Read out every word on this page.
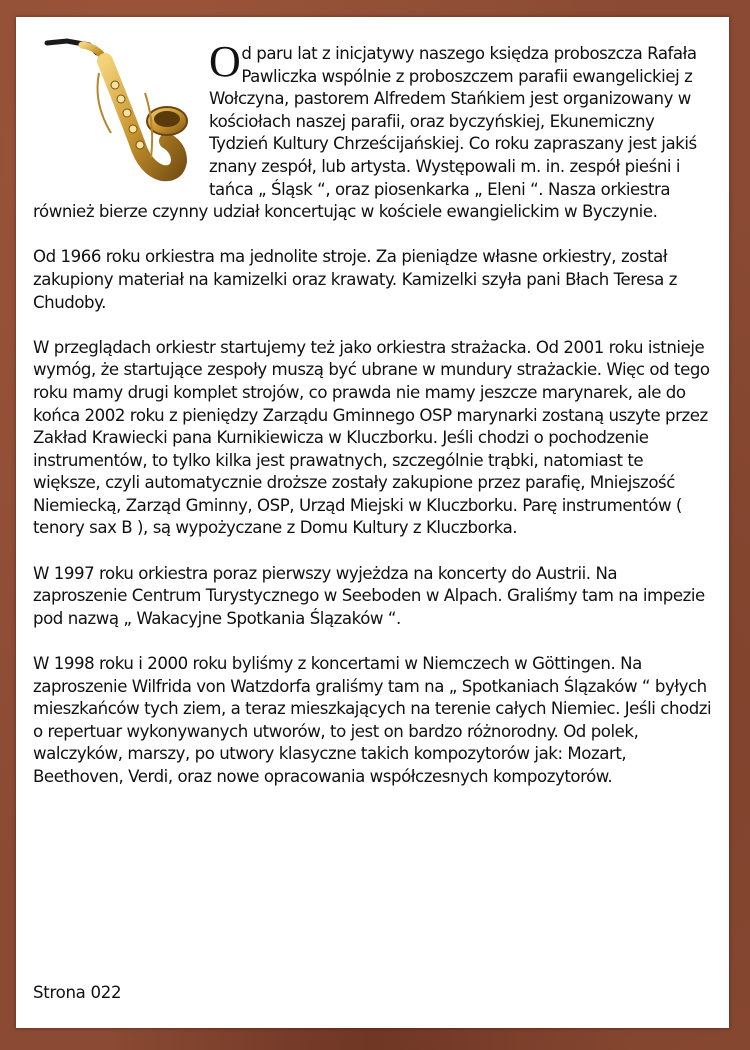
Od paru lat z inicjatywy naszego księdza proboszcza Rafała Pawliczka wspólnie z proboszczem parafii ewangelickiej z Wołczyna, pastorem Alfredem Stańkiem jest organizowany w kościołach naszej parafii, oraz byczyńskiej, Ekunemiczny Tydzień Kultury Chrześcijańskiej. Co roku zapraszany jest jakiś znany zespół, lub artysta. Występowali m. in. zespół pieśni i tańca „ Śląsk “, oraz piosenkarka „ Eleni “. Nasza orkiestra również bierze czynny udział koncertując w kościele ewangielickim w Byczynie.

Od 1966 roku orkiestra ma jednolite stroje. Za pieniądze własne orkiestry, został zakupiony materiał na kamizelki oraz krawaty. Kamizelki szyła pani Błach Teresa z Chudoby.

W przeglądach orkiestr startujemy też jako orkiestra strażacka. Od 2001 roku istnieje wymóg, że startujące zespoły muszą być ubrane w mundury strażackie. Więc od tego roku mamy drugi komplet strojów, co prawda nie mamy jeszcze marynarek, ale do końca 2002 roku z pieniędzy Zarządu Gminnego OSP marynarki zostaną uszyte przez Zakład Krawiecki pana Kurnikiewicza w Kluczborku. Jeśli chodzi o pochodzenie instrumentów, to tylko kilka jest prawatnych, szczególnie trąbki, natomiast te większe, czyli automatycznie droższe zostały zakupione przez parafię, Mniejszość Niemiecką, Zarząd Gminny, OSP, Urząd Miejski w Kluczborku. Parę instrumentów ( tenory sax B ), są wypożyczane z Domu Kultury z Kluczborka.

W 1997 roku orkiestra poraz pierwszy wyjeżdza na koncerty do Austrii. Na zaproszenie Centrum Turystycznego w Seeboden w Alpach. Graliśmy tam na impezie pod nazwą „ Wakacyjne Spotkania Ślązaków “.

W 1998 roku i 2000 roku byliśmy z koncertami w Niemczech w Göttingen. Na zaproszenie Wilfrida von Watzdorfa graliśmy tam na „ Spotkaniach Ślązaków “ byłych mieszkańców tych ziem, a teraz mieszkających na terenie całych Niemiec. Jeśli chodzi o repertuar wykonywanych utworów, to jest on bardzo różnorodny. Od polek, walczyków, marszy, po utwory klasyczne takich kompozytorów jak: Mozart, Beethoven, Verdi, oraz nowe opracowania współczesnych kompozytorów.

Strona 022
